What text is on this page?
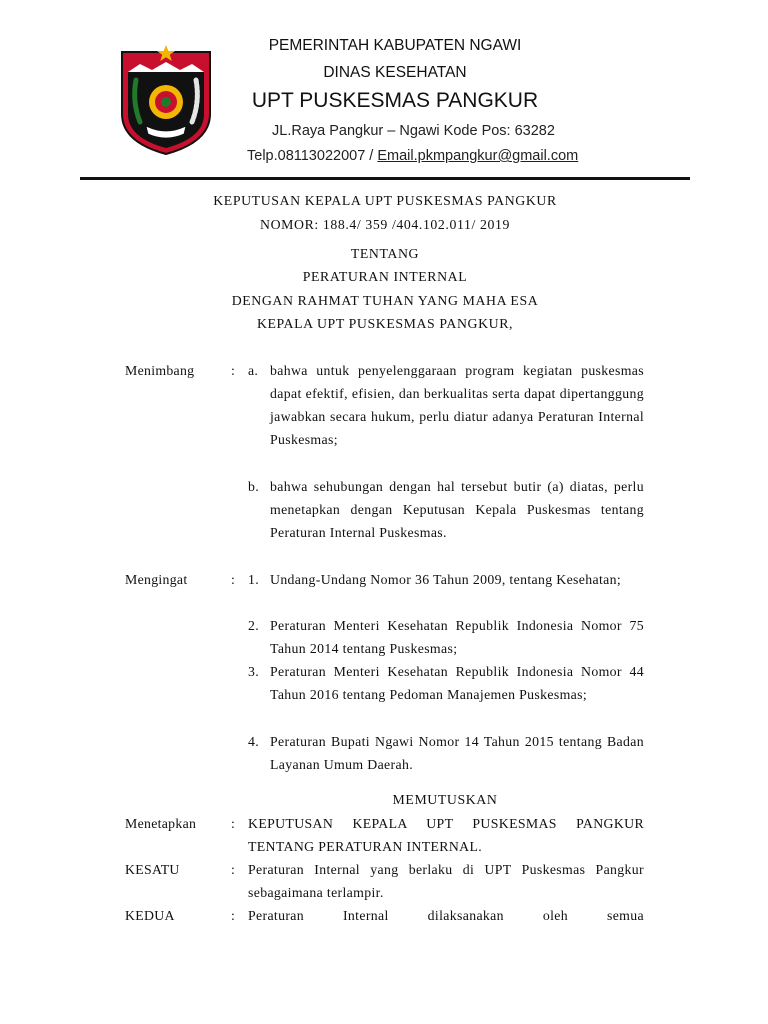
PEMERINTAH KABUPATEN NGAWI
DINAS KESEHATAN
UPT PUSKESMAS PANGKUR
JL.Raya Pangkur – Ngawi Kode Pos: 63282
Telp.08113022007 / Email.pkmpangkur@gmail.com
KEPUTUSAN KEPALA UPT PUSKESMAS PANGKUR
NOMOR: 188.4/ 359 /404.102.011/ 2019
TENTANG
PERATURAN INTERNAL
DENGAN RAHMAT TUHAN YANG MAHA ESA
KEPALA UPT PUSKESMAS PANGKUR,
Menimbang	: a. bahwa untuk penyelenggaraan program kegiatan puskesmas dapat efektif, efisien, dan berkualitas serta dapat dipertanggung jawabkan secara hukum, perlu diatur adanya Peraturan Internal Puskesmas;
b. bahwa sehubungan dengan hal tersebut butir (a) diatas, perlu menetapkan dengan Keputusan Kepala Puskesmas tentang Peraturan Internal Puskesmas.
Mengingat	: 1. Undang-Undang Nomor 36 Tahun 2009, tentang Kesehatan;
2. Peraturan Menteri Kesehatan Republik Indonesia Nomor 75 Tahun 2014 tentang Puskesmas;
3. Peraturan Menteri Kesehatan Republik Indonesia Nomor 44 Tahun 2016 tentang Pedoman Manajemen Puskesmas;
4. Peraturan Bupati Ngawi Nomor 14 Tahun 2015 tentang Badan Layanan Umum Daerah.
MEMUTUSKAN
Menetapkan	: KEPUTUSAN KEPALA UPT PUSKESMAS PANGKUR TENTANG PERATURAN INTERNAL.
KESATU	: Peraturan Internal yang berlaku di UPT Puskesmas Pangkur sebagaimana terlampir.
KEDUA	: Peraturan Internal dilaksanakan oleh semua
